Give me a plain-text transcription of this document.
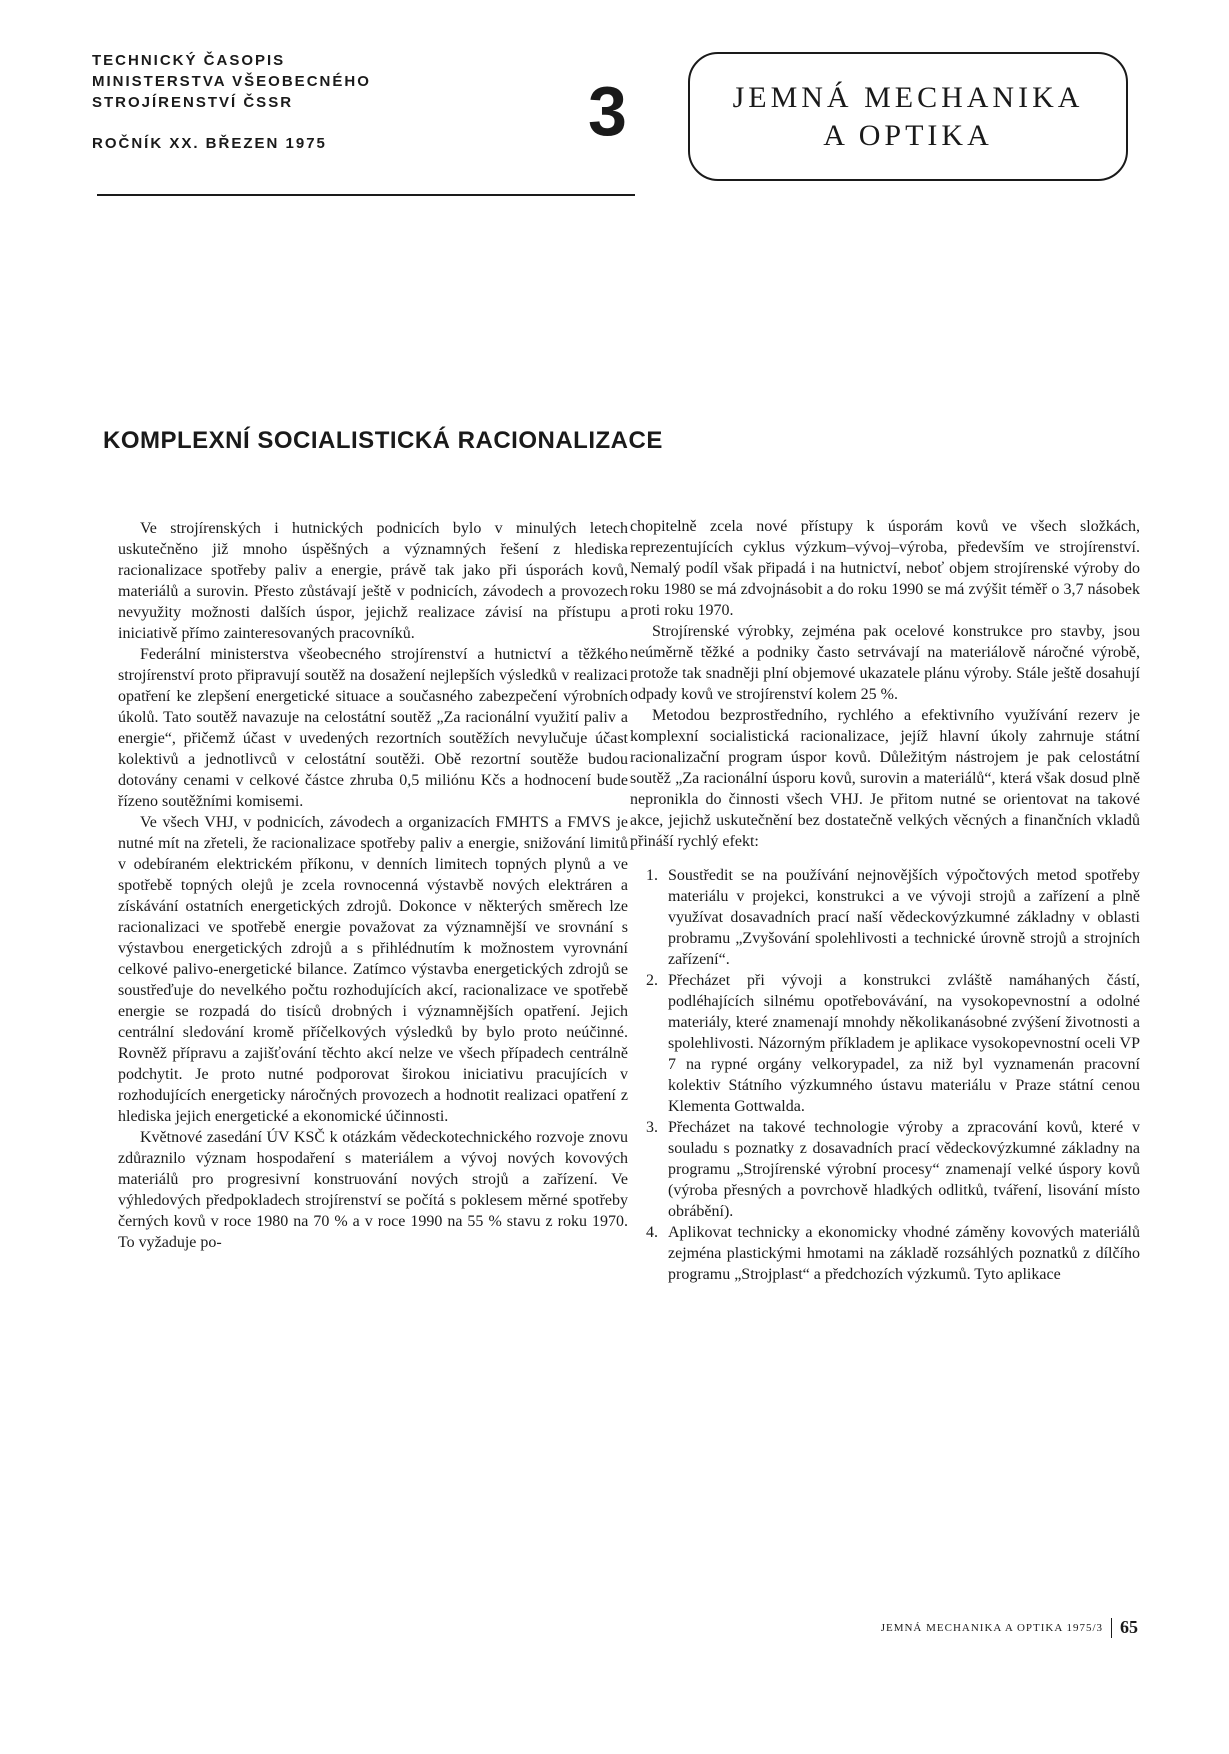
TECHNICKÝ ČASOPIS
MINISTERSTVA VŠEOBECNÉHO
STROJÍRENSTVÍ ČSSR
ROČNÍK XX. BŘEZEN 1975	3	JEMNÁ MECHANIKA
A OPTIKA
KOMPLEXNÍ SOCIALISTICKÁ RACIONALIZACE

Ve strojírenských i hutnických podnicích bylo v minulých letech uskutečněno již mnoho úspěšných a významných řešení z hlediska racionalizace spotřeby paliv a energie, právě tak jako při úsporách kovů, materiálů a surovin. Přesto zůstávají ještě v podnicích, závodech a provozech nevyužity možnosti dalších úspor, jejichž realizace závisí na přístupu a iniciativě přímo zainteresovaných pracovníků.

Federální ministerstva všeobecného strojírenství a hutnictví a těžkého strojírenství proto připravují soutěž na dosažení nejlepších výsledků v realizaci opatření ke zlepšení energetické situace a současného zabezpečení výrobních úkolů. Tato soutěž navazuje na celostátní soutěž „Za racionální využití paliv a energie“, přičemž účast v uvedených rezortních soutěžích nevylučuje účast kolektivů a jednotlivců v celostátní soutěži. Obě rezortní soutěže budou dotovány cenami v celkové částce zhruba 0,5 miliónu Kčs a hodnocení bude řízeno soutěžními komisemi.

Ve všech VHJ, v podnicích, závodech a organizacích FMHTS a FMVS je nutné mít na zřeteli, že racionalizace spotřeby paliv a energie, snižování limitů v odebíraném elektrickém příkonu, v denních limitech topných plynů a ve spotřebě topných olejů je zcela rovnocenná výstavbě nových elektráren a získávání ostatních energetických zdrojů. Dokonce v některých směrech lze racionalizaci ve spotřebě energie považovat za významnější ve srovnání s výstavbou energetických zdrojů a s přihlédnutím k možnostem vyrovnání celkové palivo-energetické bilance. Zatímco výstavba energetických zdrojů se soustřeďuje do nevelkého počtu rozhodujících akcí, racionalizace ve spotřebě energie se rozpadá do tisíců drobných i významnějších opatření. Jejich centrální sledování kromě příčelkových výsledků by bylo proto neúčinné. Rovněž přípravu a zajišťování těchto akcí nelze ve všech případech centrálně podchytit. Je proto nutné podporovat širokou iniciativu pracujících v rozhodujících energeticky náročných provozech a hodnotit realizaci opatření z hlediska jejich energetické a ekonomické účinnosti.

Květnové zasedání ÚV KSČ k otázkám vědeckotechnického rozvoje znovu zdůraznilo význam hospodaření s materiálem a vývoj nových kovových materiálů pro progresivní konstruování nových strojů a zařízení. Ve výhledových předpokladech strojírenství se počítá s poklesem měrné spotřeby černých kovů v roce 1980 na 70 % a v roce 1990 na 55 % stavu z roku 1970. To vyžaduje po-

chopitelně zcela nové přístupy k úsporám kovů ve všech složkách, reprezentujících cyklus výzkum–vývoj–výroba, především ve strojírenství. Nemalý podíl však připadá i na hutnictví, neboť objem strojírenské výroby do roku 1980 se má zdvojnásobit a do roku 1990 se má zvýšit téměř o 3,7 násobek proti roku 1970.

Strojírenské výrobky, zejména pak ocelové konstrukce pro stavby, jsou neúměrně těžké a podniky často setrvávají na materiálově náročné výrobě, protože tak snadněji plní objemové ukazatele plánu výroby. Stále ještě dosahují odpady kovů ve strojírenství kolem 25 %.

Metodou bezprostředního, rychlého a efektivního využívání rezerv je komplexní socialistická racionalizace, jejíž hlavní úkoly zahrnuje státní racionalizační program úspor kovů. Důležitým nástrojem je pak celostátní soutěž „Za racionální úsporu kovů, surovin a materiálů“, která však dosud plně nepronikla do činnosti všech VHJ. Je přitom nutné se orientovat na takové akce, jejichž uskutečnění bez dostatečně velkých věcných a finančních vkladů přináší rychlý efekt:

1. Soustředit se na používání nejnovějších výpočtových metod spotřeby materiálu v projekci, konstrukci a ve vývoji strojů a zařízení a plně využívat dosavadních prací naší vědeckovýzkumné základny v oblasti probramu „Zvyšování spolehlivosti a technické úrovně strojů a strojních zařízení“.
2. Přecházet při vývoji a konstrukci zvláště namáhaných částí, podléhajících silnému opotřebovávání, na vysokopevnostní a odolné materiály, které znamenají mnohdy několikanásobné zvýšení životnosti a spolehlivosti. Názorným příkladem je aplikace vysokopevnostní oceli VP 7 na rypné orgány velkorypadel, za niž byl vyznamenán pracovní kolektiv Státního výzkumného ústavu materiálu v Praze státní cenou Klementa Gottwalda.
3. Přecházet na takové technologie výroby a zpracování kovů, které v souladu s poznatky z dosavadních prací vědeckovýzkumné základny na programu „Strojírenské výrobní procesy“ znamenají velké úspory kovů (výroba přesných a povrchově hladkých odlitků, tváření, lisování místo obrábění).
4. Aplikovat technicky a ekonomicky vhodné záměny kovových materiálů zejména plastickými hmotami na základě rozsáhlých poznatků z dílčího programu „Strojplast“ a předchozích výzkumů. Tyto aplikace
JEMNÁ MECHANIKA A OPTIKA 1975/3 65
